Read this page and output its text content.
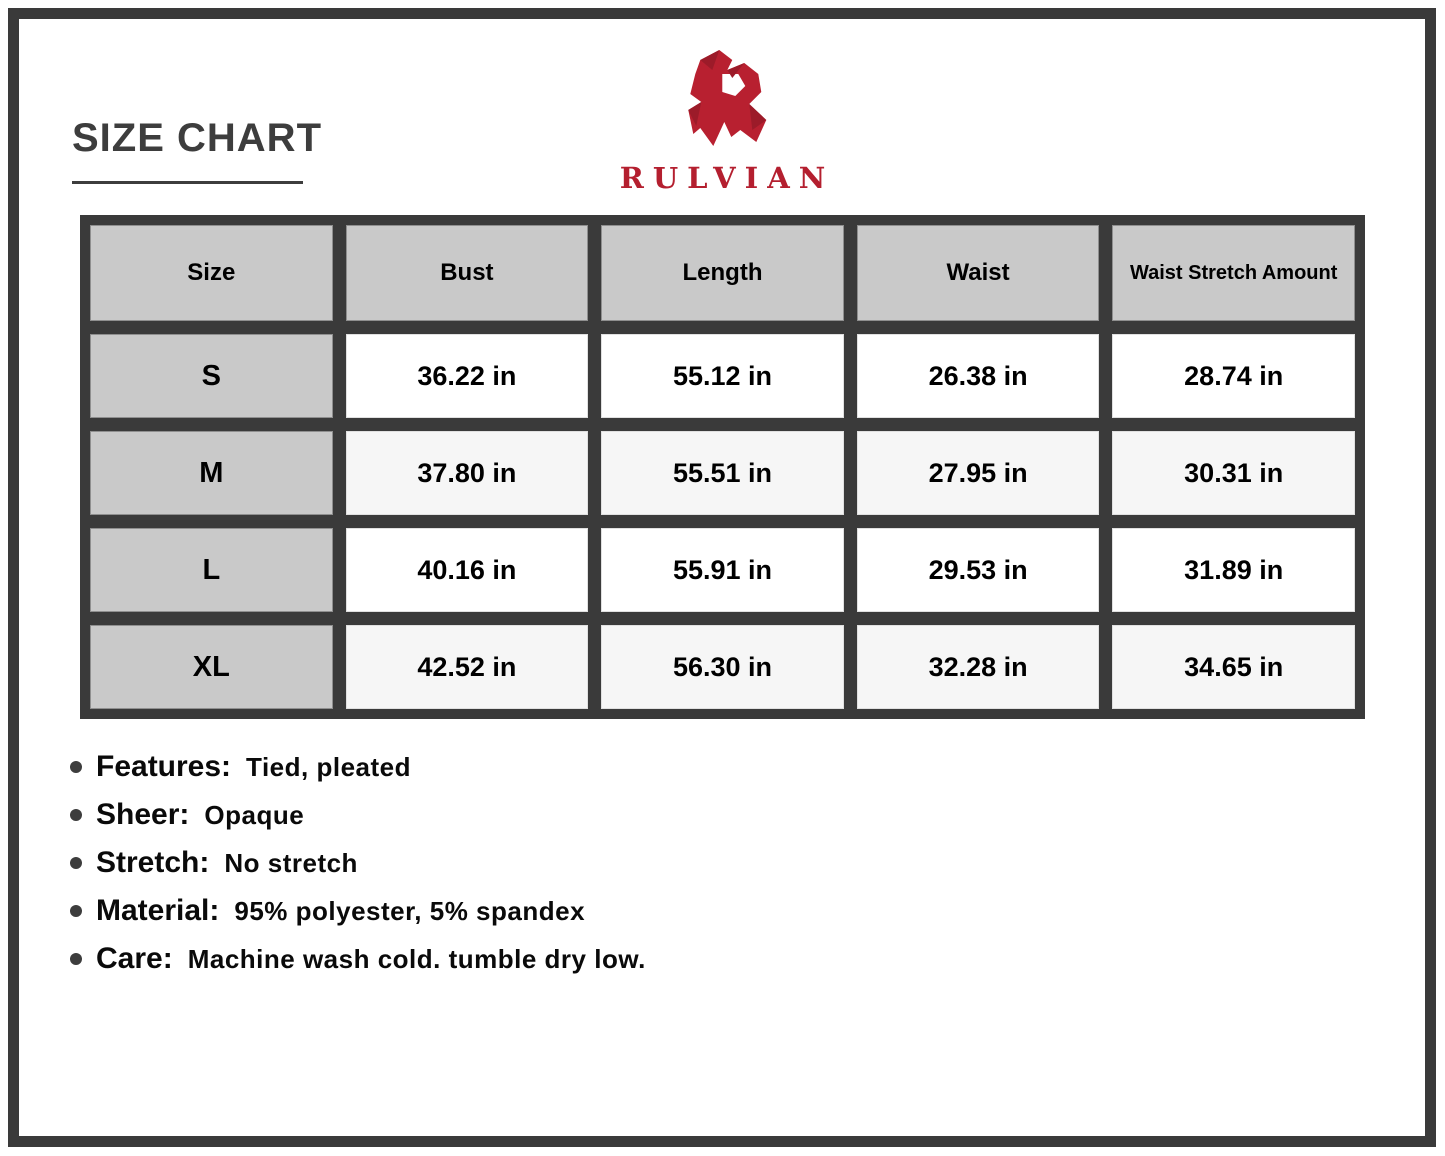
SIZE CHART
RULVIAN
Size	Bust	Length	Waist	Waist Stretch Amount
S	36.22 in	55.12 in	26.38 in	28.74 in
M	37.80 in	55.51 in	27.95 in	30.31 in
L	40.16 in	55.91 in	29.53 in	31.89 in
XL	42.52 in	56.30 in	32.28 in	34.65 in
Features: Tied, pleated
Sheer: Opaque
Stretch: No stretch
Material: 95% polyester, 5% spandex
Care: Machine wash cold. tumble dry low.
